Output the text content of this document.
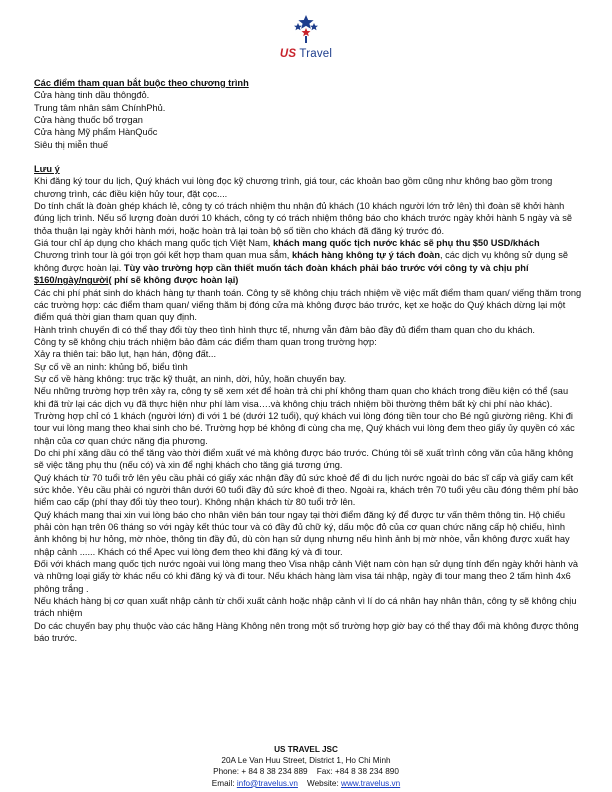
US Travel
Các điểm tham quan bắt buộc theo chương trình
Cửa hàng tinh dầu thôngđỏ.
Trung tâm nhân sâm ChínhPhủ.
Cửa hàng thuốc bổ trợgan
Cửa hàng Mỹ phẩm HànQuốc
Siêu thị miễn thuế
Lưu ý
Khi đăng ký tour du lịch, Quý khách vui lòng đọc kỹ chương trình, giá tour, các khoản bao gồm cũng như không bao gồm trong chương trình, các điều kiện hủy tour, đặt cọc....
Do tính chất là đoàn ghép khách lẻ, công ty có trách nhiệm thu nhận đủ khách (10 khách người lớn trở lên) thì đoàn sẽ khởi hành đúng lịch trình. Nếu số lượng đoàn dưới 10 khách, công ty có trách nhiệm thông báo cho khách trước ngày khởi hành 5 ngày và sẽ thỏa thuận lại ngày khởi hành mới, hoặc hoàn trả lại toàn bộ số tiền cho khách đã đăng ký trước đó.
Giá tour chỉ áp dụng cho khách mang quốc tịch Việt Nam, khách mang quốc tịch nước khác sẽ phụ thu $50 USD/khách
Chương trình tour là gói trọn gói kết hợp tham quan mua sắm, khách hàng không tự ý tách đoàn, các dịch vụ không sử dụng sẽ không được hoàn lại. Tùy vào trường hợp cần thiết muốn tách đoàn khách phải báo trước với công ty và chịu phí $160/ngày/người( phí sẽ không được hoàn lại)
Các chi phí phát sinh do khách hàng tự thanh toán. Công ty sẽ không chịu trách nhiệm về việc mất điểm tham quan/ viếng thăm trong các trường hợp: các điểm tham quan/ viếng thăm bị đóng cửa mà không được báo trước, kẹt xe hoặc do Quý khách dừng lại một điểm quá thời gian tham quan quy định.
Hành trình chuyến đi có thể thay đổi tùy theo tình hình thực tế, nhưng vẫn đảm bảo đầy đủ điểm tham quan cho du khách.
Công ty sẽ không chịu trách nhiệm bảo đảm các điểm tham quan trong trường hợp:
Xảy ra thiên tai: bão lụt, hạn hán, động đất...
Sự cố về an ninh: khủng bố, biểu tình
Sự cố về hàng không: trục trặc kỹ thuật, an ninh, dời, hủy, hoãn chuyến bay.
Nếu những trường hợp trên xảy ra, công ty sẽ xem xét để hoàn trả chi phí không tham quan cho khách trong điều kiện có thể (sau khi đã trừ lại các dịch vụ đã thực hiện như phí làm visa….và không chịu trách nhiệm bồi thường thêm bất kỳ chi phí nào khác).
Trường hợp chỉ có 1 khách (người lớn) đi với 1 bé (dưới 12 tuổi), quý khách vui lòng đóng tiền tour cho Bé ngủ giường riêng. Khi đi tour vui lòng mang theo khai sinh cho bé. Trường hợp bé không đi cùng cha mẹ, Quý khách vui lòng đem theo giấy ủy quyền có xác nhận của cơ quan chức năng địa phương.
Do chi phí xăng dầu có thể tăng vào thời điểm xuất vé mà không được báo trước. Chúng tôi sẽ xuất trình công văn của hãng không sẽ việc tăng phụ thu (nếu có) và xin để nghị khách cho tăng giá tương ứng.
Quý khách từ 70 tuổi trở lên yêu cầu phải có giấy xác nhận đầy đủ sức khoẻ để đi du lịch nước ngoài do bác sĩ cấp và giấy cam kết sức khỏe. Yêu cầu phải có người thân dưới 60 tuổi đầy đủ sức khoẻ đi theo. Ngoài ra, khách trên 70 tuổi yêu cầu đóng thêm phí bảo hiểm cao cấp (phí thay đổi tùy theo tour). Không nhận khách từ 80 tuổi trở lên.
Quý khách mang thai xin vui lòng báo cho nhân viên bán tour ngay tại thời điểm đăng ký để được tư vấn thêm thông tin. Hộ chiếu phải còn hạn trên 06 tháng so với ngày kết thúc tour và có đầy đủ chữ ký, dấu mộc đỏ của cơ quan chức năng cấp hộ chiếu, hình ảnh không bị hư hỏng, mờ nhòe, thông tin đầy đủ, dù còn hạn sử dụng nhưng nếu hình ảnh bị mờ nhòe, vẫn không được xuất hay nhập cảnh ...... Khách có thể Apec vui lòng đem theo khi đăng ký và đi tour.
Đối với khách mang quốc tịch nước ngoài vui lòng mang theo Visa nhập cảnh Việt nam còn hạn sử dụng tính đến ngày khởi hành và và những loại giấy tờ khác nếu có khi đăng ký và đi tour. Nếu khách hàng làm visa tái nhập, ngày đi tour mang theo 2 tấm hình 4x6 phông trắng .
Nếu khách hàng bị cơ quan xuất nhập cảnh từ chối xuất cảnh hoặc nhập cảnh vì lí do cá nhân hay nhân thân, công ty sẽ không chịu trách nhiệm
Do các chuyến bay phụ thuộc vào các hãng Hàng Không nên trong một số trường hợp giờ bay có thể thay đổi mà không được thông báo trước.
US TRAVEL JSC
20A Le Van Huu Street, District 1, Ho Chi Minh
Phone: + 84 8 38 234 889 Fax: +84 8 38 234 890
Email: info@travelus.vn Website: www.travelus.vn
